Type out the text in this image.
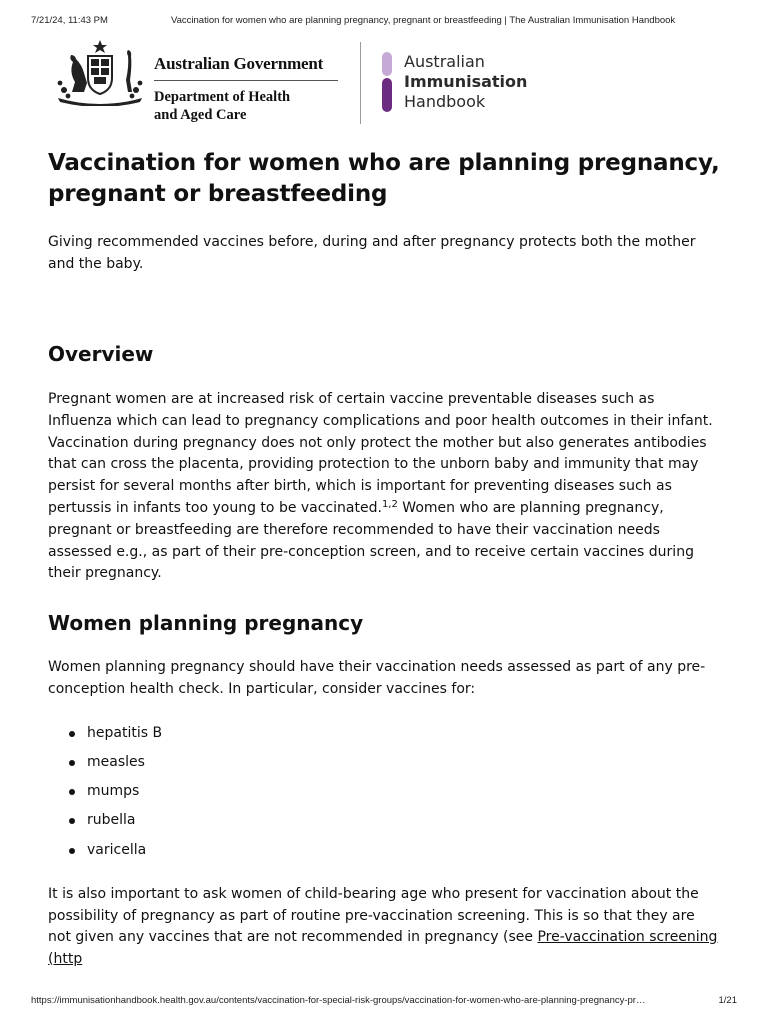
7/21/24, 11:43 PM	Vaccination for women who are planning pregnancy, pregnant or breastfeeding | The Australian Immunisation Handbook
Australian Government
Department of Health
and Aged Care
Australian
Immunisation
Handbook
Vaccination for women who are planning pregnancy, pregnant or breastfeeding

Giving recommended vaccines before, during and after pregnancy protects both the mother and the baby.

Overview

Pregnant women are at increased risk of certain vaccine preventable diseases such as Influenza which can lead to pregnancy complications and poor health outcomes in their infant. Vaccination during pregnancy does not only protect the mother but also generates antibodies that can cross the placenta, providing protection to the unborn baby and immunity that may persist for several months after birth, which is important for preventing diseases such as pertussis in infants too young to be vaccinated.$^{1,2}$ Women who are planning pregnancy, pregnant or breastfeeding are therefore recommended to have their vaccination needs assessed e.g., as part of their pre-conception screen, and to receive certain vaccines during their pregnancy.

Women planning pregnancy

Women planning pregnancy should have their vaccination needs assessed as part of any pre-conception health check. In particular, consider vaccines for:

hepatitis B
measles
mumps
rubella
varicella

It is also important to ask women of child-bearing age who present for vaccination about the possibility of pregnancy as part of routine pre-vaccination screening. This is so that they are not given any vaccines that are not recommended in pregnancy (see Pre-vaccination screening (http

https://immunisationhandbook.health.gov.au/contents/vaccination-for-special-risk-groups/vaccination-for-women-who-are-planning-pregnancy-pr…	1/21
